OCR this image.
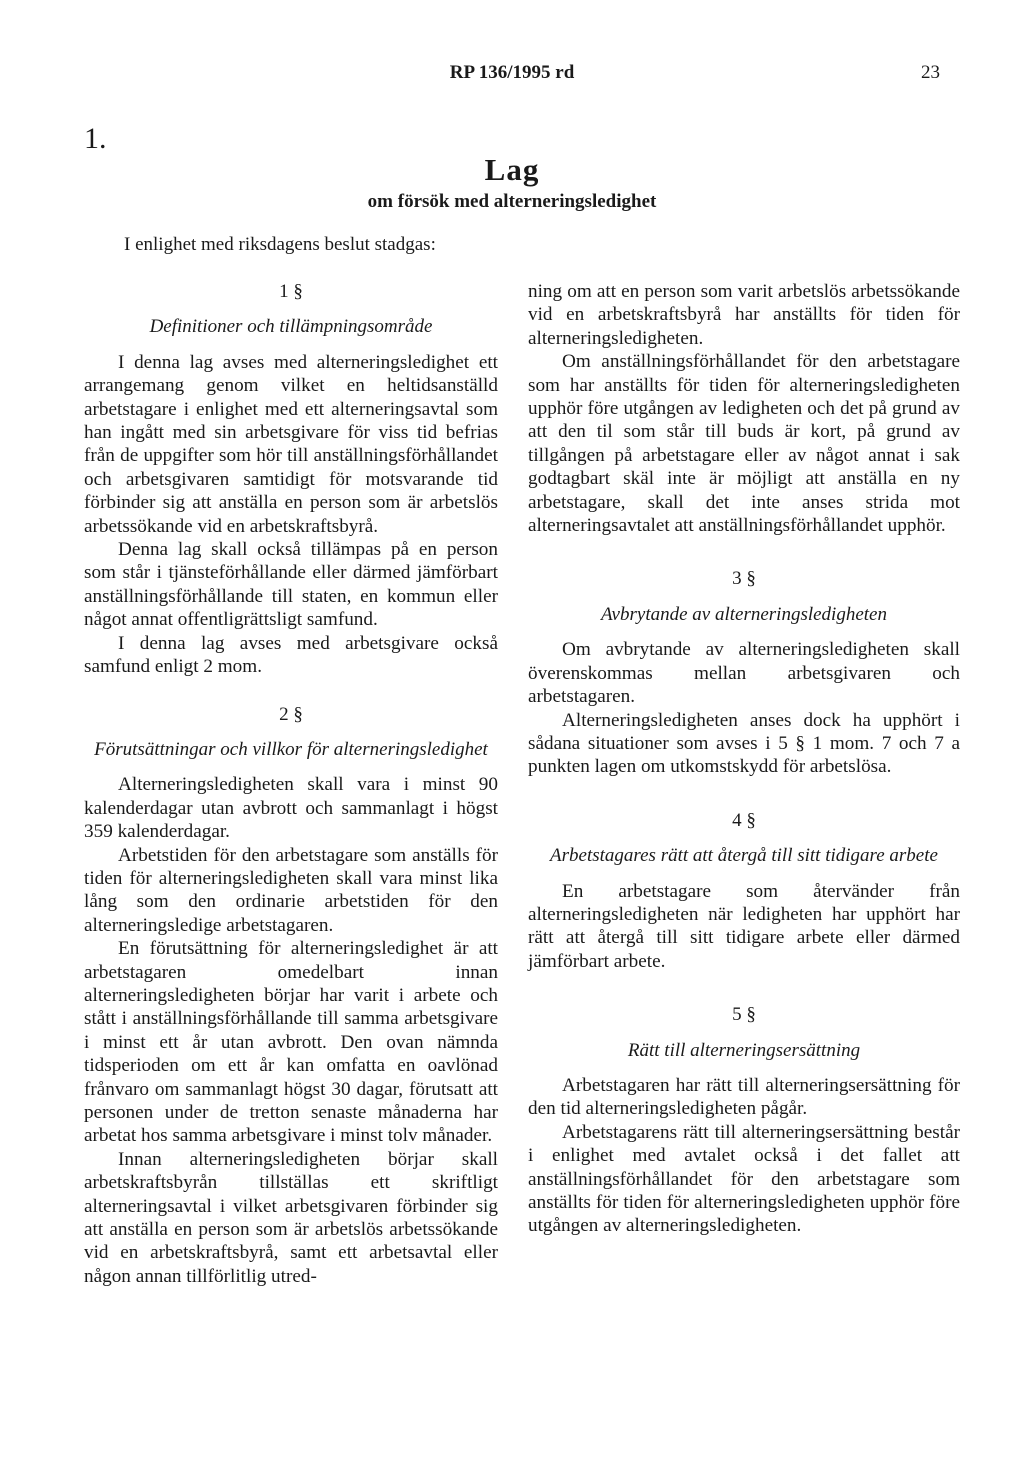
RP 136/1995 rd	23
1.
Lag
om försök med alterneringsledighet
I enlighet med riksdagens beslut stadgas:
1 §
Definitioner och tillämpningsområde

I denna lag avses med alterneringsledighet ett arrangemang genom vilket en heltidsanställd arbetstagare i enlighet med ett alterneringsavtal som han ingått med sin arbetsgivare för viss tid befrias från de uppgifter som hör till anställningsförhållandet och arbetsgivaren samtidigt för motsvarande tid förbinder sig att anställa en person som är arbetslös arbetssökande vid en arbetskraftsbyrå.

Denna lag skall också tillämpas på en person som står i tjänsteförhållande eller därmed jämförbart anställningsförhållande till staten, en kommun eller något annat offentligrättsligt samfund.

I denna lag avses med arbetsgivare också samfund enligt 2 mom.

2 §
Förutsättningar och villkor för alterneringsledighet

Alterneringsledigheten skall vara i minst 90 kalenderdagar utan avbrott och sammanlagt i högst 359 kalenderdagar.

Arbetstiden för den arbetstagare som anställs för tiden för alterneringsledigheten skall vara minst lika lång som den ordinarie arbetstiden för den alterneringsledige arbetstagaren.

En förutsättning för alterneringsledighet är att arbetstagaren omedelbart innan alterneringsledigheten börjar har varit i arbete och stått i anställningsförhållande till samma arbetsgivare i minst ett år utan avbrott. Den ovan nämnda tidsperioden om ett år kan omfatta en oavlönad frånvaro om sammanlagt högst 30 dagar, förutsatt att personen under de tretton senaste månaderna har arbetat hos samma arbetsgivare i minst tolv månader.

Innan alterneringsledigheten börjar skall arbetskraftsbyrån tillställas ett skriftligt alterneringsavtal i vilket arbetsgivaren förbinder sig att anställa en person som är arbetslös arbetssökande vid en arbetskraftsbyrå, samt ett arbetsavtal eller någon annan tillförlitlig utred-

ning om att en person som varit arbetslös arbetssökande vid en arbetskraftsbyrå har anställts för tiden för alterneringsledigheten.

Om anställningsförhållandet för den arbetstagare som har anställts för tiden för alterneringsledigheten upphör före utgången av ledigheten och det på grund av att den til som står till buds är kort, på grund av tillgången på arbetstagare eller av något annat i sak godtagbart skäl inte är möjligt att anställa en ny arbetstagare, skall det inte anses strida mot alterneringsavtalet att anställningsförhållandet upphör.

3 §
Avbrytande av alterneringsledigheten

Om avbrytande av alterneringsledigheten skall överenskommas mellan arbetsgivaren och arbetstagaren.

Alterneringsledigheten anses dock ha upphört i sådana situationer som avses i 5 § 1 mom. 7 och 7 a punkten lagen om utkomstskydd för arbetslösa.

4 §
Arbetstagares rätt att återgå till sitt tidigare arbete

En arbetstagare som återvänder från alterneringsledigheten när ledigheten har upphört har rätt att återgå till sitt tidigare arbete eller därmed jämförbart arbete.

5 §
Rätt till alterneringsersättning

Arbetstagaren har rätt till alterneringsersättning för den tid alterneringsledigheten pågår.

Arbetstagarens rätt till alterneringsersättning består i enlighet med avtalet också i det fallet att anställningsförhållandet för den arbetstagare som anställts för tiden för alterneringsledigheten upphör före utgången av alterneringsledigheten.
